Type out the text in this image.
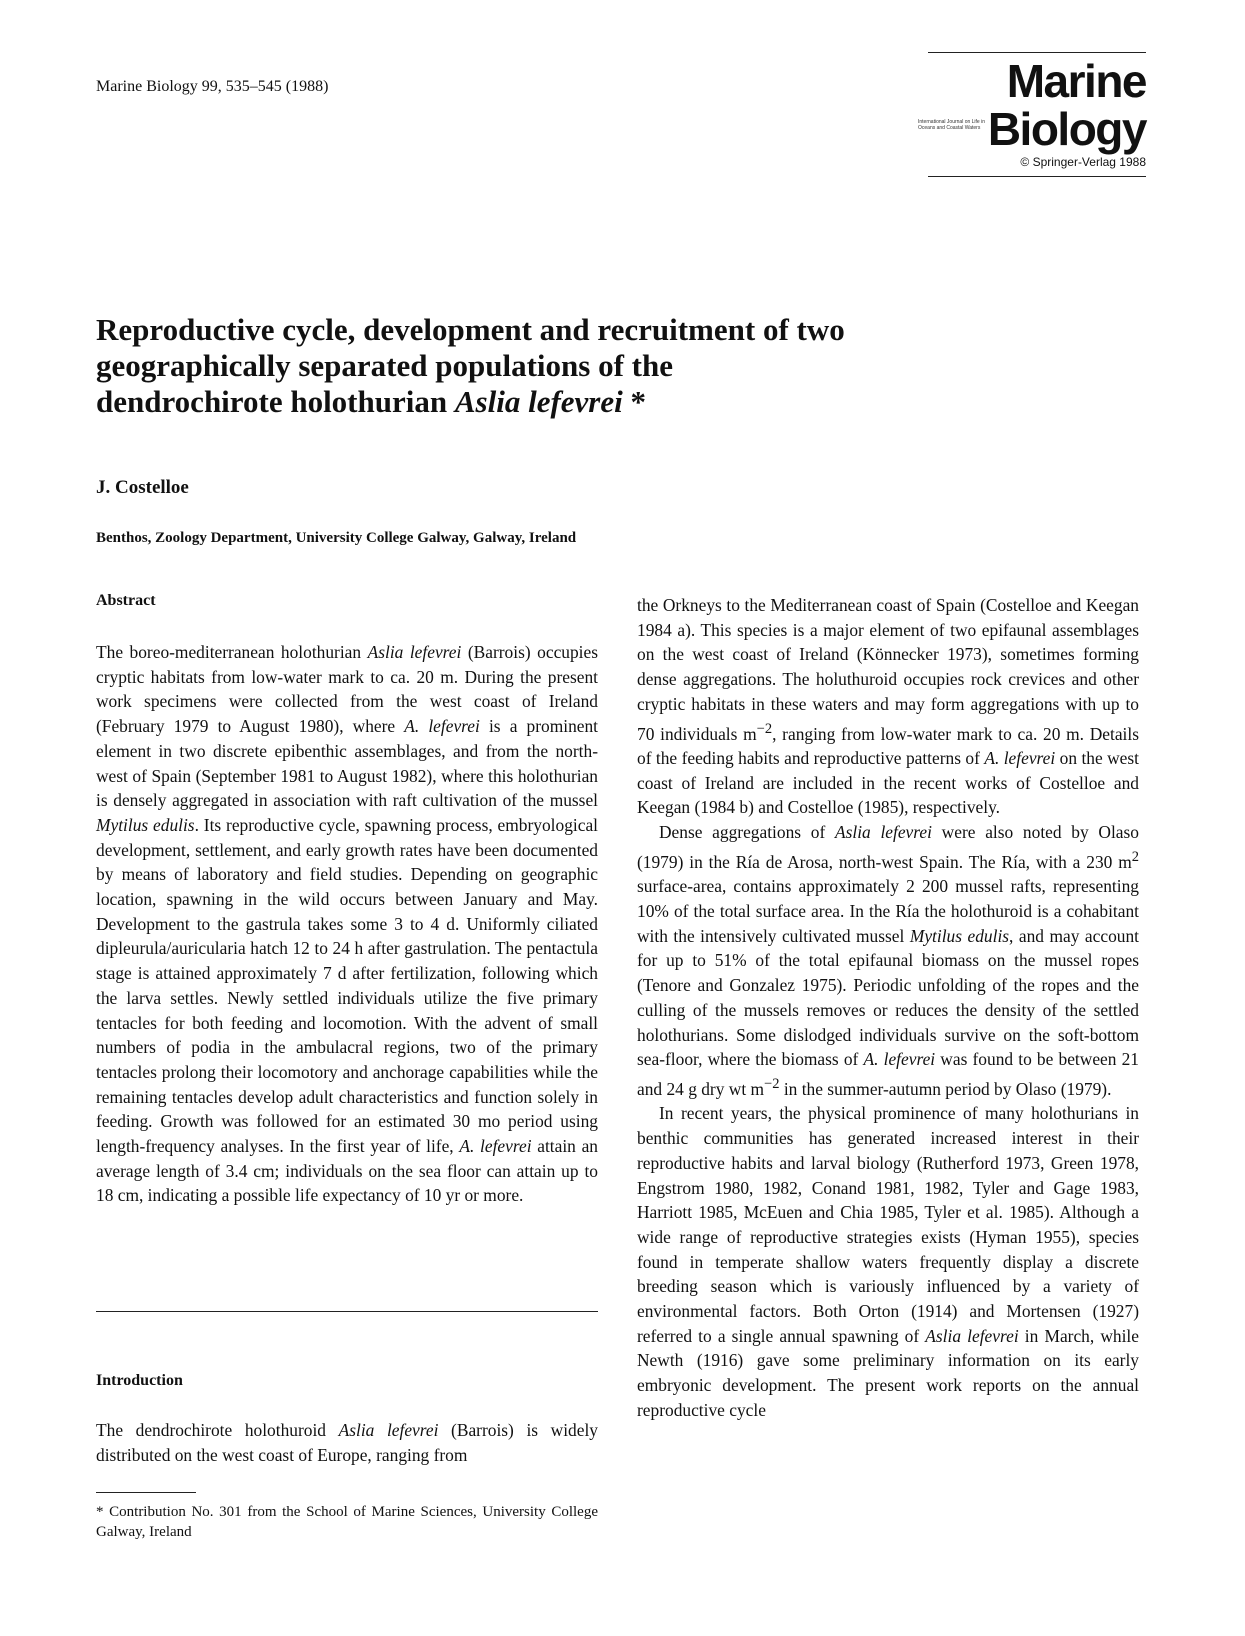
Marine Biology 99, 535–545 (1988)	Marine
International Journal on Life in Oceans and Coastal Waters Biology
© Springer-Verlag 1988
Reproductive cycle, development and recruitment of two geographically separated populations of the dendrochirote holothurian Aslia lefevrei *
J. Costelloe
Benthos, Zoology Department, University College Galway, Galway, Ireland
Abstract
The boreo-mediterranean holothurian Aslia lefevrei (Barrois) occupies cryptic habitats from low-water mark to ca. 20 m. During the present work specimens were collected from the west coast of Ireland (February 1979 to August 1980), where A. lefevrei is a prominent element in two discrete epibenthic assemblages, and from the north-west of Spain (September 1981 to August 1982), where this holothurian is densely aggregated in association with raft cultivation of the mussel Mytilus edulis. Its reproductive cycle, spawning process, embryological development, settlement, and early growth rates have been documented by means of laboratory and field studies. Depending on geographic location, spawning in the wild occurs between January and May. Development to the gastrula takes some 3 to 4 d. Uniformly ciliated dipleurula/auricularia hatch 12 to 24 h after gastrulation. The pentactula stage is attained approximately 7 d after fertilization, following which the larva settles. Newly settled individuals utilize the five primary tentacles for both feeding and locomotion. With the advent of small numbers of podia in the ambulacral regions, two of the primary tentacles prolong their locomotory and anchorage capabilities while the remaining tentacles develop adult characteristics and function solely in feeding. Growth was followed for an estimated 30 mo period using length-frequency analyses. In the first year of life, A. lefevrei attain an average length of 3.4 cm; individuals on the sea floor can attain up to 18 cm, indicating a possible life expectancy of 10 yr or more.
Introduction
The dendrochirote holothuroid Aslia lefevrei (Barrois) is widely distributed on the west coast of Europe, ranging from
* Contribution No. 301 from the School of Marine Sciences, University College Galway, Ireland

the Orkneys to the Mediterranean coast of Spain (Costelloe and Keegan 1984 a). This species is a major element of two epifaunal assemblages on the west coast of Ireland (Könnecker 1973), sometimes forming dense aggregations. The holuthuroid occupies rock crevices and other cryptic habitats in these waters and may form aggregations with up to 70 individuals $m^{-2}$, ranging from low-water mark to ca. 20 m. Details of the feeding habits and reproductive patterns of A. lefevrei on the west coast of Ireland are included in the recent works of Costelloe and Keegan (1984 b) and Costelloe (1985), respectively.

Dense aggregations of Aslia lefevrei were also noted by Olaso (1979) in the Ría de Arosa, north-west Spain. The Ría, with a 230 $m^2$ surface-area, contains approximately 2 200 mussel rafts, representing 10% of the total surface area. In the Ría the holothuroid is a cohabitant with the intensively cultivated mussel Mytilus edulis, and may account for up to 51% of the total epifaunal biomass on the mussel ropes (Tenore and Gonzalez 1975). Periodic unfolding of the ropes and the culling of the mussels removes or reduces the density of the settled holothurians. Some dislodged individuals survive on the soft-bottom sea-floor, where the biomass of A. lefevrei was found to be between 21 and 24 g dry wt $m^{-2}$ in the summer-autumn period by Olaso (1979).

In recent years, the physical prominence of many holothurians in benthic communities has generated increased interest in their reproductive habits and larval biology (Rutherford 1973, Green 1978, Engstrom 1980, 1982, Conand 1981, 1982, Tyler and Gage 1983, Harriott 1985, McEuen and Chia 1985, Tyler et al. 1985). Although a wide range of reproductive strategies exists (Hyman 1955), species found in temperate shallow waters frequently display a discrete breeding season which is variously influenced by a variety of environmental factors. Both Orton (1914) and Mortensen (1927) referred to a single annual spawning of Aslia lefevrei in March, while Newth (1916) gave some preliminary information on its early embryonic development. The present work reports on the annual reproductive cycle
